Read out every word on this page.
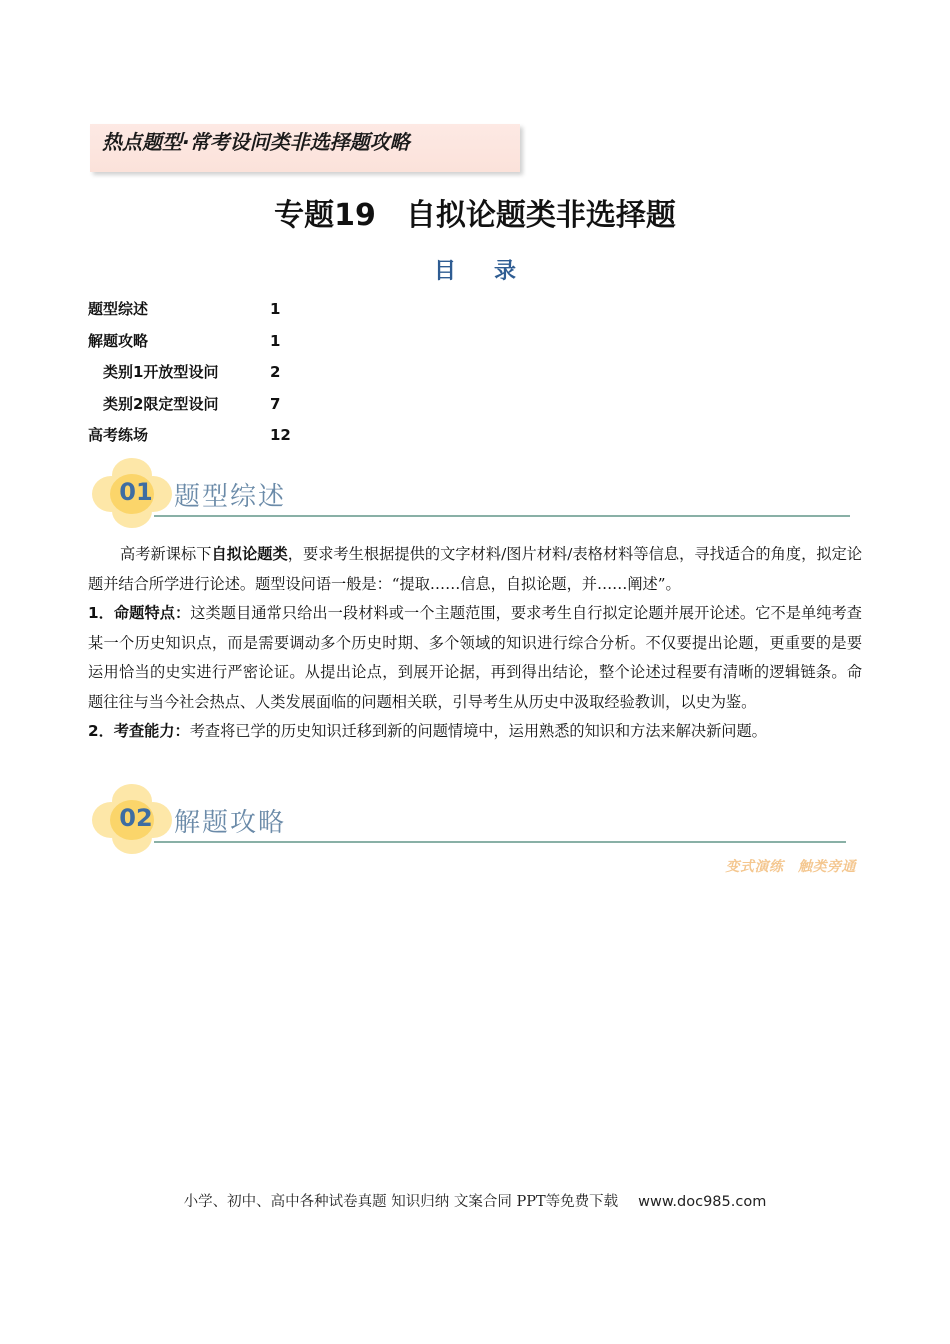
热点题型·常考设问类非选择题攻略
专题19　自拟论题类非选择题
目录
题型综述	1
解题攻略	1
类别1开放型设问	2
类别2限定型设问	7
高考练场	12
01 题型综述

高考新课标下自拟论题类，要求考生根据提供的文字材料/图片材料/表格材料等信息，寻找适合的角度，拟定论题并结合所学进行论述。题型设问语一般是：“提取……信息，自拟论题，并……阐述”。

1．命题特点：这类题目通常只给出一段材料或一个主题范围，要求考生自行拟定论题并展开论述。它不是单纯考查某一个历史知识点，而是需要调动多个历史时期、多个领域的知识进行综合分析。不仅要提出论题，更重要的是要运用恰当的史实进行严密论证。从提出论点，到展开论据，再到得出结论，整个论述过程要有清晰的逻辑链条。命题往往与当今社会热点、人类发展面临的问题相关联，引导考生从历史中汲取经验教训，以史为鉴。

2．考查能力：考查将已学的历史知识迁移到新的问题情境中，运用熟悉的知识和方法来解决新问题。

02 解题攻略
变式演练　触类旁通
小学、初中、高中各种试卷真题 知识归纳 文案合同 PPT等免费下载 www.doc985.com
